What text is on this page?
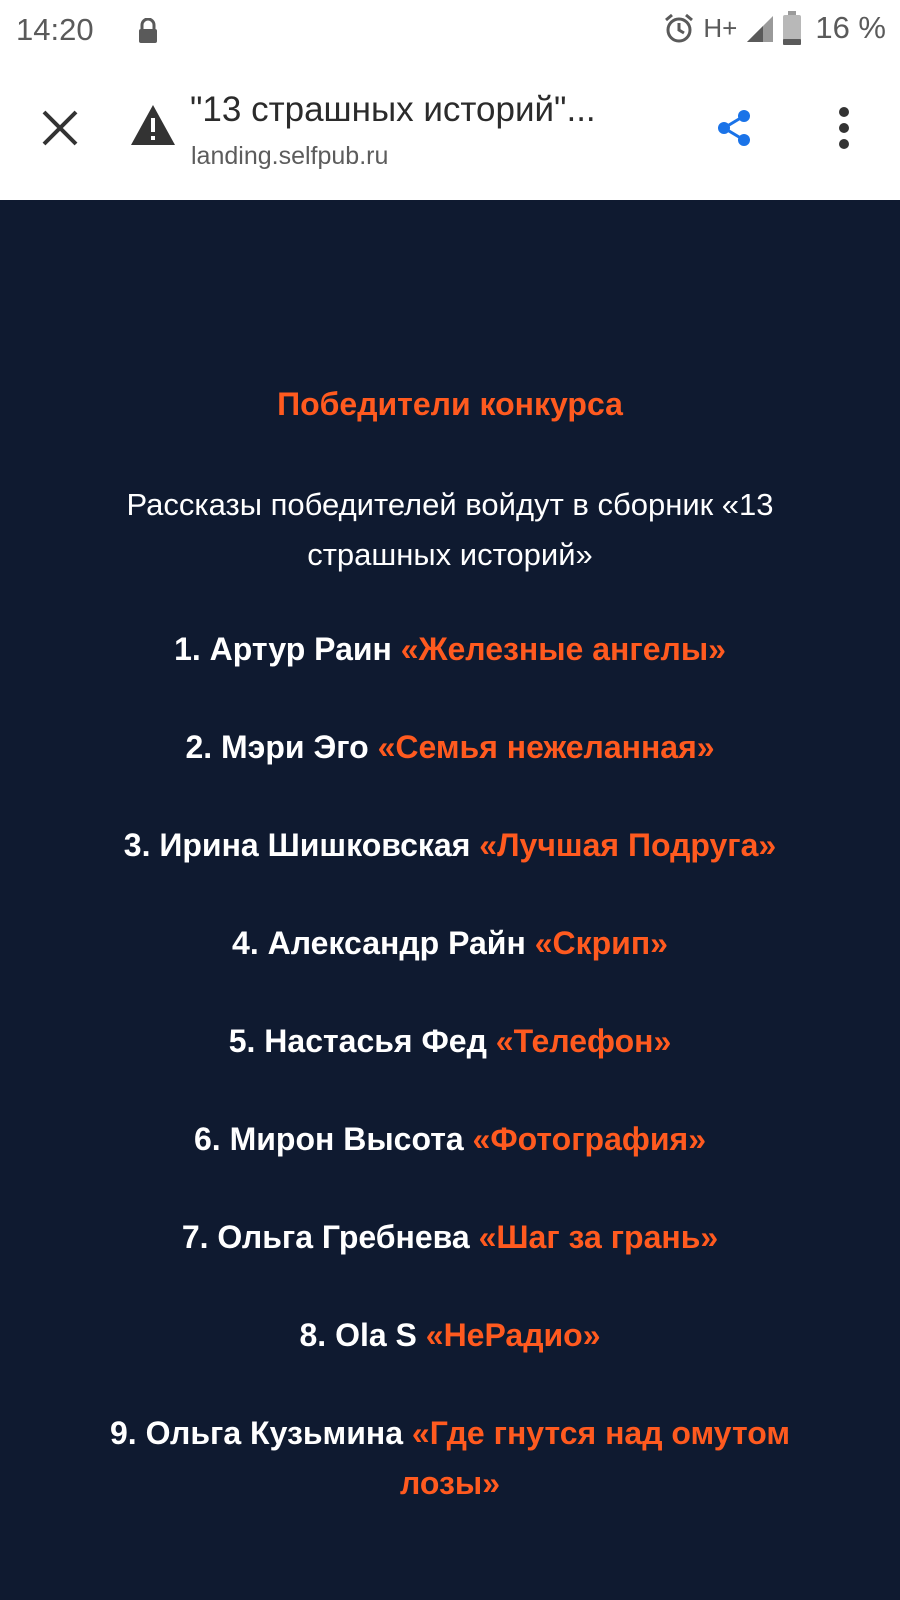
14:20	H+	16 %
"13 страшных историй"...
landing.selfpub.ru
Победители конкурса
Рассказы победителей войдут в сборник «13 страшных историй»
1. Артур Раин «Железные ангелы»
2. Мэри Эго «Семья нежеланная»
3. Ирина Шишковская «Лучшая Подруга»
4. Александр Райн «Скрип»
5. Настасья Фед «Телефон»
6. Мирон Высота «Фотография»
7. Ольга Гребнева «Шаг за грань»
8. Ola S «НеРадио»
9. Ольга Кузьмина «Где гнутся над омутом лозы»
